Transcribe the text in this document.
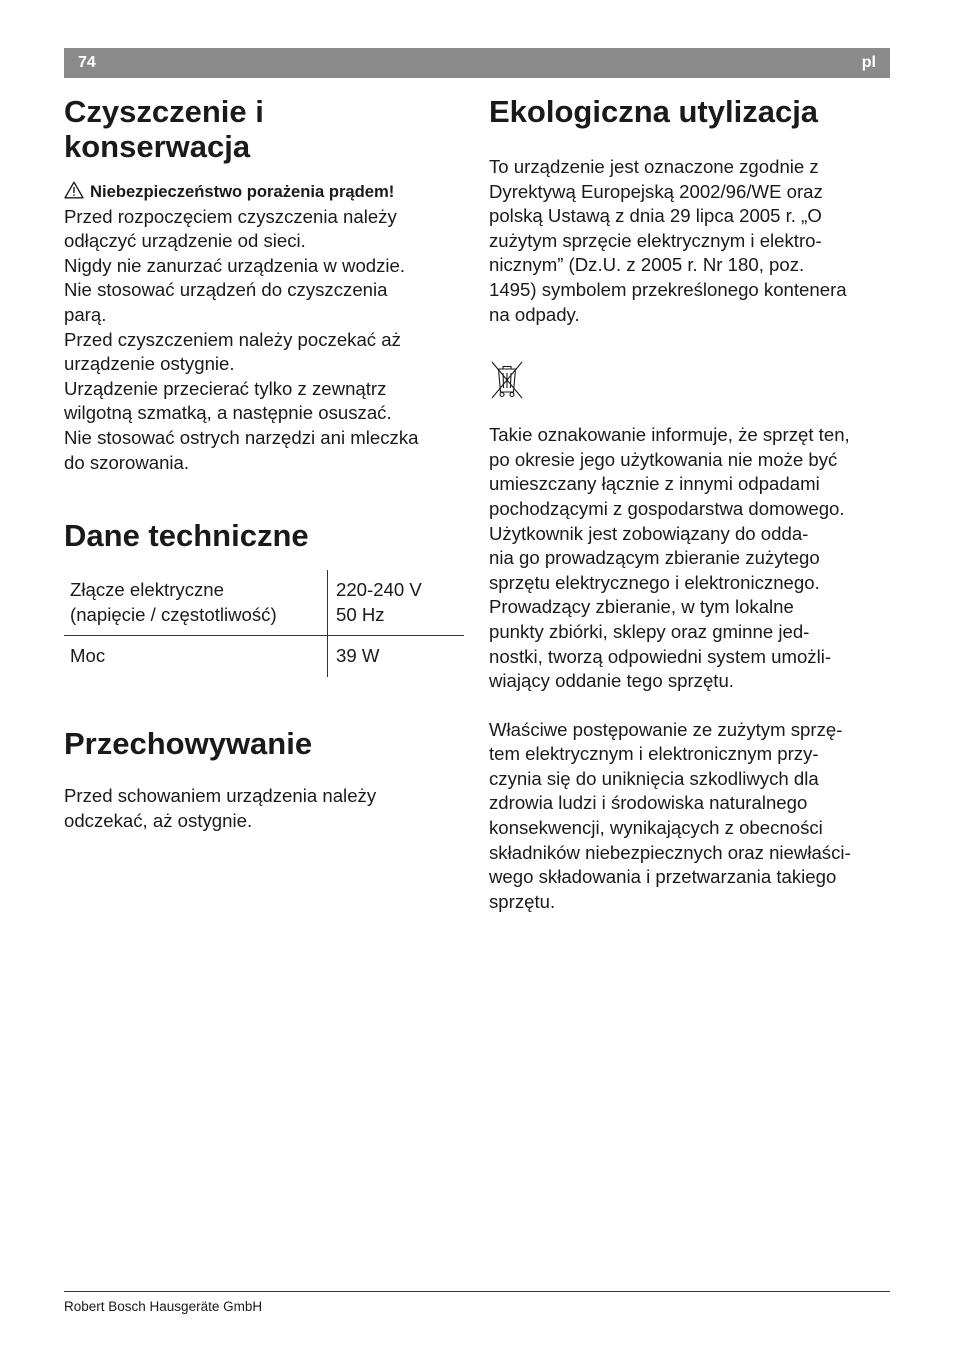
74	pl
Czyszczenie i
konserwacja
Niebezpieczeństwo porażenia prądem!
Przed rozpoczęciem czyszczenia należy
odłączyć urządzenie od sieci.
Nigdy nie zanurzać urządzenia w wodzie.
Nie stosować urządzeń do czyszczenia
parą.
Przed czyszczeniem należy poczekać aż
urządzenie ostygnie.
Urządzenie przecierać tylko z zewnątrz
wilgotną szmatką, a następnie osuszać.
Nie stosować ostrych narzędzi ani mleczka
do szorowania.
Dane techniczne
Złącze elektryczne
(napięcie / częstotliwość)	220-240 V
50 Hz

Moc	39 W
Przechowywanie
Przed schowaniem urządzenia należy
odczekać, aż ostygnie.
Ekologiczna utylizacja
To urządzenie jest oznaczone zgodnie z
Dyrektywą Europejską 2002/96/WE oraz
polską Ustawą z dnia 29 lipca 2005 r. „O
zużytym sprzęcie elektrycznym i elektro-
nicznym” (Dz.U. z 2005 r. Nr 180, poz.
1495) symbolem przekreślonego kontenera
na odpady.
Takie oznakowanie informuje, że sprzęt ten,
po okresie jego użytkowania nie może być
umieszczany łącznie z innymi odpadami
pochodzącymi z gospodarstwa domowego.
Użytkownik jest zobowiązany do odda-
nia go prowadzącym zbieranie zużytego
sprzętu elektrycznego i elektronicznego.
Prowadzący zbieranie, w tym lokalne
punkty zbiórki, sklepy oraz gminne jed-
nostki, tworzą odpowiedni system umożli-
wiający oddanie tego sprzętu.
Właściwe postępowanie ze zużytym sprzę-
tem elektrycznym i elektronicznym przy-
czynia się do uniknięcia szkodliwych dla
zdrowia ludzi i środowiska naturalnego
konsekwencji, wynikających z obecności
składników niebezpiecznych oraz niewłaści-
wego składowania i przetwarzania takiego
sprzętu.
Robert Bosch Hausgeräte GmbH
